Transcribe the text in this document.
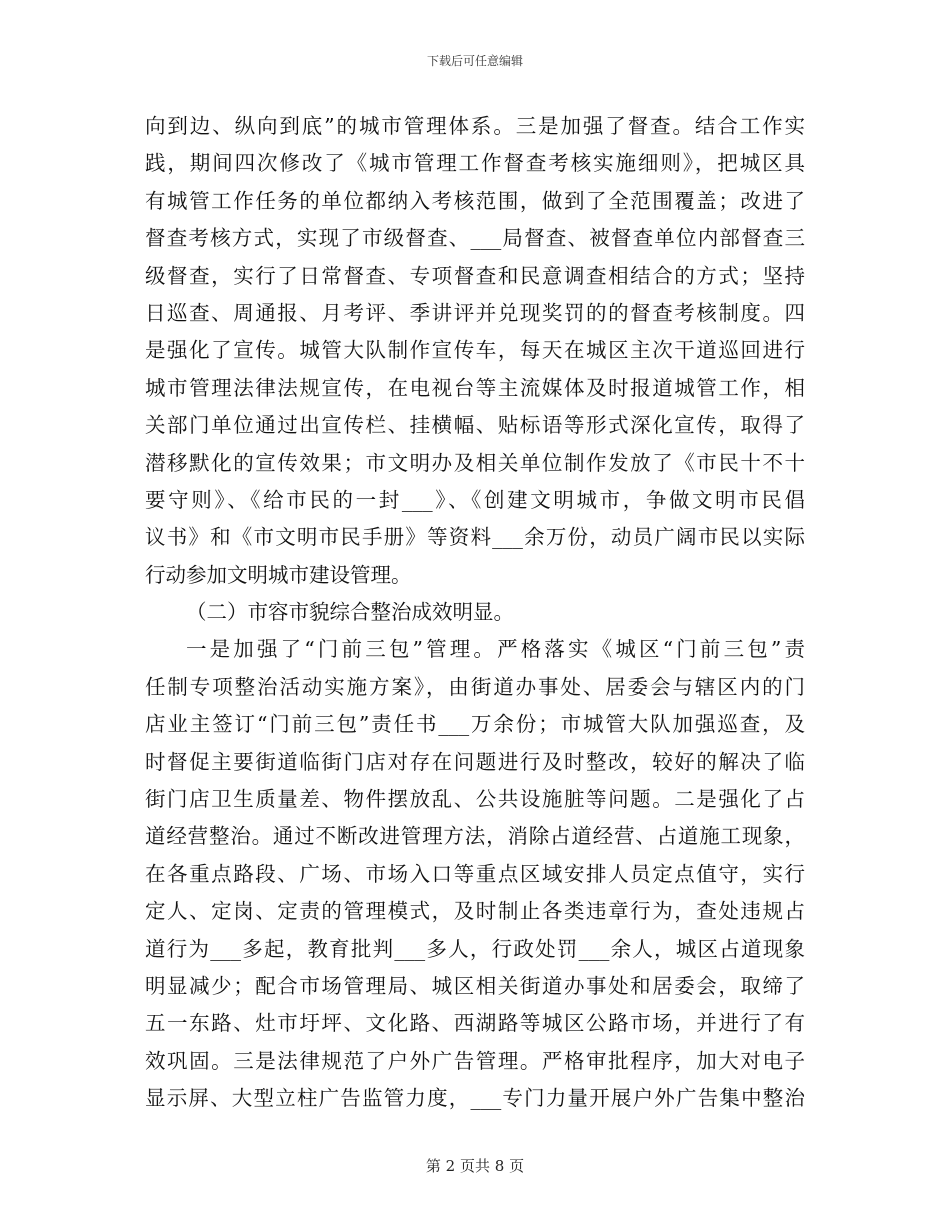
下载后可任意编辑
向到边、纵向到底”的城市管理体系。三是加强了督查。结合工作实
践，期间四次修改了《城市管理工作督查考核实施细则》，把城区具
有城管工作任务的单位都纳入考核范围，做到了全范围覆盖；改进了
督查考核方式，实现了市级督查、___局督查、被督查单位内部督查三
级督查，实行了日常督查、专项督查和民意调查相结合的方式；坚持
日巡查、周通报、月考评、季讲评并兑现奖罚的的督查考核制度。四
是强化了宣传。城管大队制作宣传车，每天在城区主次干道巡回进行
城市管理法律法规宣传，在电视台等主流媒体及时报道城管工作，相
关部门单位通过出宣传栏、挂横幅、贴标语等形式深化宣传，取得了
潜移默化的宣传效果；市文明办及相关单位制作发放了《市民十不十
要守则》、《给市民的一封___》、《创建文明城市，争做文明市民倡
议书》和《市文明市民手册》等资料___余万份，动员广阔市民以实际
行动参加文明城市建设管理。
（二）市容市貌综合整治成效明显。
一是加强了“门前三包”管理。严格落实《城区“门前三包”责
任制专项整治活动实施方案》，由街道办事处、居委会与辖区内的门
店业主签订“门前三包”责任书___万余份；市城管大队加强巡查，及
时督促主要街道临街门店对存在问题进行及时整改，较好的解决了临
街门店卫生质量差、物件摆放乱、公共设施脏等问题。二是强化了占
道经营整治。通过不断改进管理方法，消除占道经营、占道施工现象，
在各重点路段、广场、市场入口等重点区域安排人员定点值守，实行
定人、定岗、定责的管理模式，及时制止各类违章行为，查处违规占
道行为___多起，教育批判___多人，行政处罚___余人，城区占道现象
明显减少；配合市场管理局、城区相关街道办事处和居委会，取缔了
五一东路、灶市圩坪、文化路、西湖路等城区公路市场，并进行了有
效巩固。三是法律规范了户外广告管理。严格审批程序，加大对电子
显示屏、大型立柱广告监管力度，___专门力量开展户外广告集中整治
第 2 页共 8 页
